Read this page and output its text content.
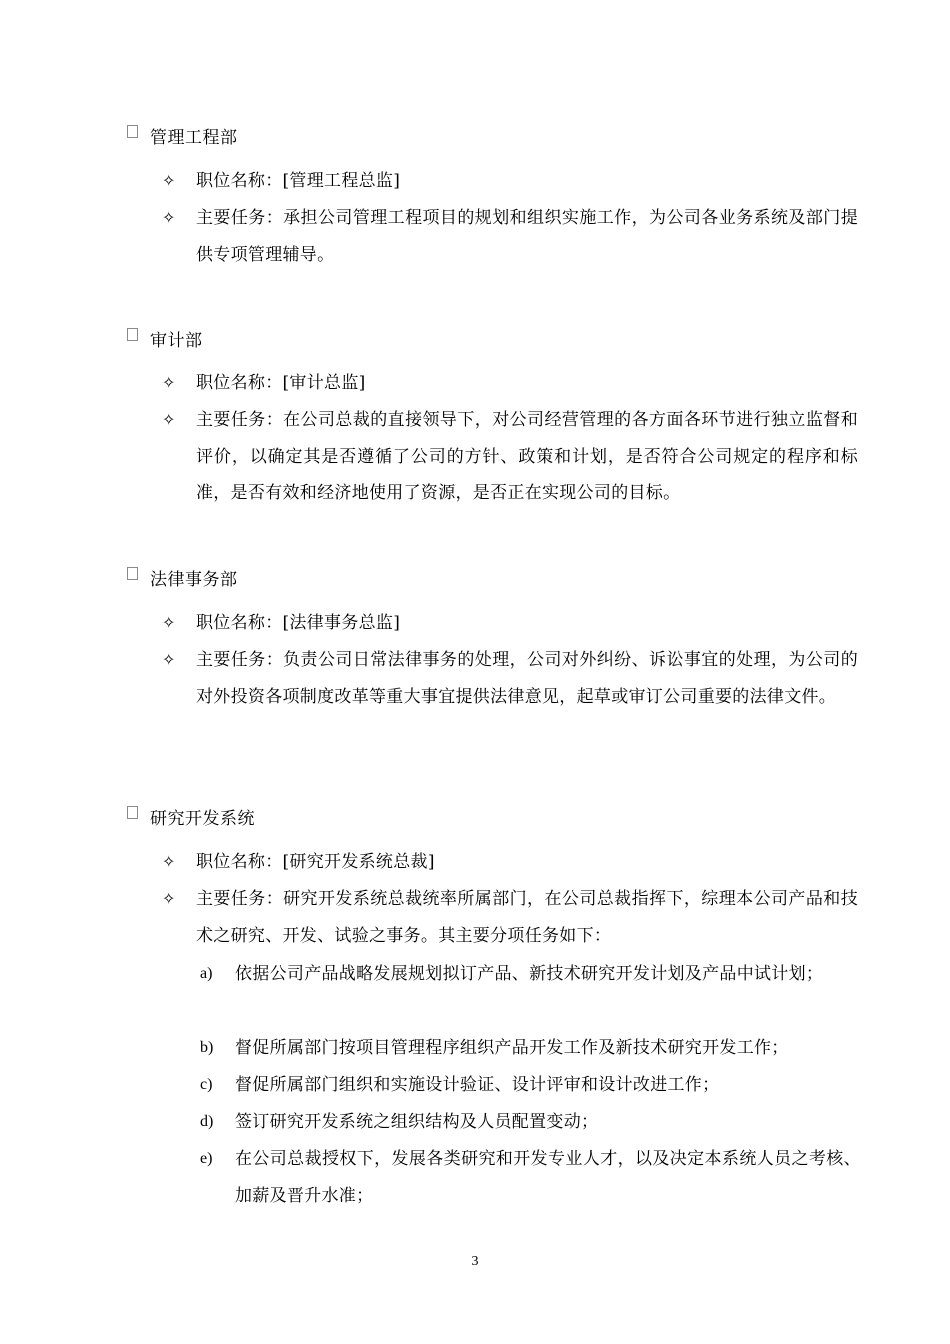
管理工程部
✧ 职位名称：[管理工程总监]
✧ 主要任务：承担公司管理工程项目的规划和组织实施工作，为公司各业务系统及部门提供专项管理辅导。
审计部
✧ 职位名称：[审计总监]
✧ 主要任务：在公司总裁的直接领导下，对公司经营管理的各方面各环节进行独立监督和评价，以确定其是否遵循了公司的方针、政策和计划，是否符合公司规定的程序和标准，是否有效和经济地使用了资源，是否正在实现公司的目标。
法律事务部
✧ 职位名称：[法律事务总监]
✧ 主要任务：负责公司日常法律事务的处理，公司对外纠纷、诉讼事宜的处理，为公司的对外投资各项制度改革等重大事宜提供法律意见，起草或审订公司重要的法律文件。
研究开发系统
✧ 职位名称：[研究开发系统总裁]
✧ 主要任务：研究开发系统总裁统率所属部门，在公司总裁指挥下，综理本公司产品和技术之研究、开发、试验之事务。其主要分项任务如下：
a) 依据公司产品战略发展规划拟订产品、新技术研究开发计划及产品中试计划；
b) 督促所属部门按项目管理程序组织产品开发工作及新技术研究开发工作；
c) 督促所属部门组织和实施设计验证、设计评审和设计改进工作；
d) 签订研究开发系统之组织结构及人员配置变动；
e) 在公司总裁授权下，发展各类研究和开发专业人才，以及决定本系统人员之考核、加薪及晋升水准；
3
